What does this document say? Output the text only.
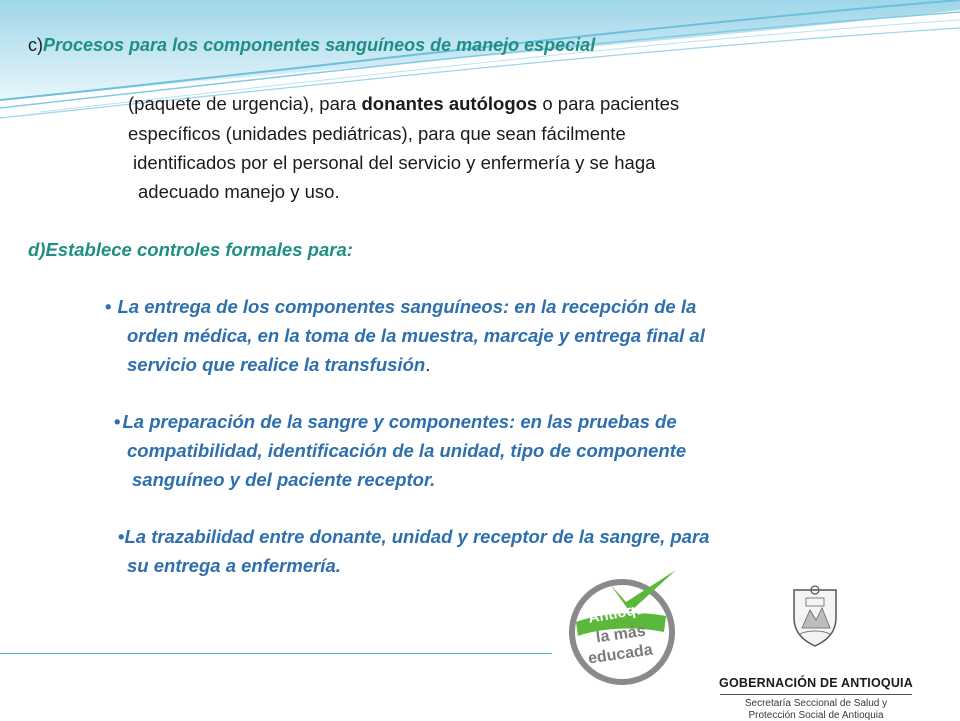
c)Procesos para los componentes sanguíneos de manejo especial
(paquete de urgencia), para donantes autólogos o para pacientes
específicos (unidades pediátricas), para que sean fácilmente
identificados por el personal del servicio y enfermería y se haga
adecuado manejo y uso.
d)Establece controles formales para:
• La entrega de los componentes sanguíneos: en la recepción de la
orden médica, en la toma de la muestra, marcaje y entrega final al
servicio que realice la transfusión.
• La preparación de la sangre y componentes: en las pruebas de
compatibilidad, identificación de la unidad, tipo de componente
sanguíneo y del paciente receptor.
•La trazabilidad entre donante, unidad y receptor de la sangre, para
su entrega a enfermería.
Antioquia
la más
educada
GOBERNACIÓN DE ANTIOQUIA
Secretaría Seccional de Salud y
Protección Social de Antioquia
